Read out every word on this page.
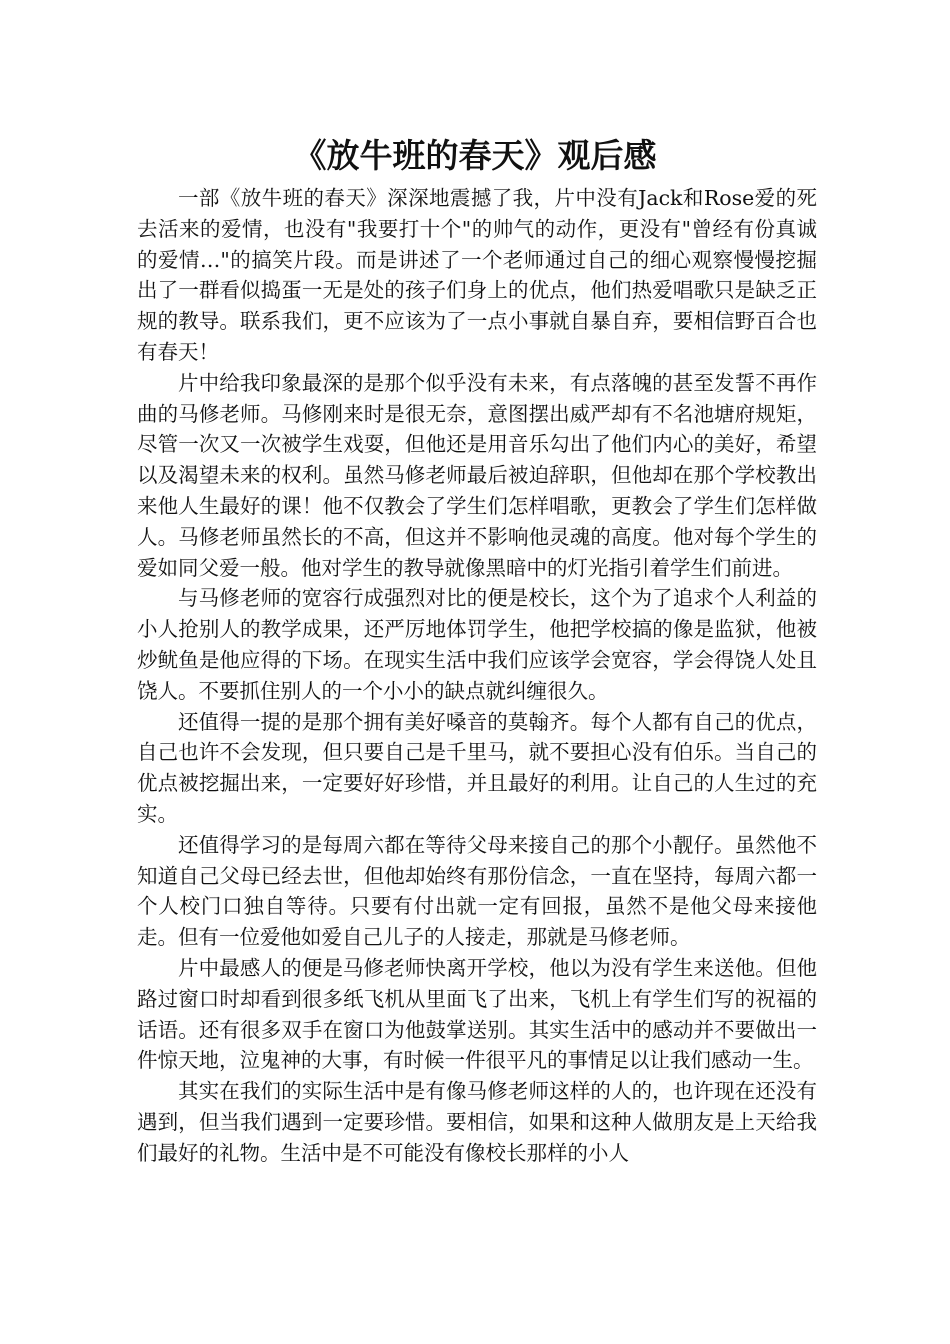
《放牛班的春天》观后感

一部《放牛班的春天》深深地震撼了我，片中没有Jack和Rose爱的死去活来的爱情，也没有"我要打十个"的帅气的动作，更没有"曾经有份真诚的爱情…"的搞笑片段。而是讲述了一个老师通过自己的细心观察慢慢挖掘出了一群看似捣蛋一无是处的孩子们身上的优点，他们热爱唱歌只是缺乏正规的教导。联系我们，更不应该为了一点小事就自暴自弃，要相信野百合也有春天！

片中给我印象最深的是那个似乎没有未来，有点落魄的甚至发誓不再作曲的马修老师。马修刚来时是很无奈，意图摆出威严却有不名池塘府规矩，尽管一次又一次被学生戏耍，但他还是用音乐勾出了他们内心的美好，希望以及渴望未来的权利。虽然马修老师最后被迫辞职，但他却在那个学校教出来他人生最好的课！他不仅教会了学生们怎样唱歌，更教会了学生们怎样做人。马修老师虽然长的不高，但这并不影响他灵魂的高度。他对每个学生的爱如同父爱一般。他对学生的教导就像黑暗中的灯光指引着学生们前进。

与马修老师的宽容行成强烈对比的便是校长，这个为了追求个人利益的小人抢别人的教学成果，还严厉地体罚学生，他把学校搞的像是监狱，他被炒鱿鱼是他应得的下场。在现实生活中我们应该学会宽容，学会得饶人处且饶人。不要抓住别人的一个小小的缺点就纠缠很久。

还值得一提的是那个拥有美好嗓音的莫翰齐。每个人都有自己的优点，自己也许不会发现，但只要自己是千里马，就不要担心没有伯乐。当自己的优点被挖掘出来，一定要好好珍惜，并且最好的利用。让自己的人生过的充实。

还值得学习的是每周六都在等待父母来接自己的那个小靓仔。虽然他不知道自己父母已经去世，但他却始终有那份信念，一直在坚持，每周六都一个人校门口独自等待。只要有付出就一定有回报，虽然不是他父母来接他走。但有一位爱他如爱自己儿子的人接走，那就是马修老师。

片中最感人的便是马修老师快离开学校，他以为没有学生来送他。但他路过窗口时却看到很多纸飞机从里面飞了出来，飞机上有学生们写的祝福的话语。还有很多双手在窗口为他鼓掌送别。其实生活中的感动并不要做出一件惊天地，泣鬼神的大事，有时候一件很平凡的事情足以让我们感动一生。

其实在我们的实际生活中是有像马修老师这样的人的，也许现在还没有遇到，但当我们遇到一定要珍惜。要相信，如果和这种人做朋友是上天给我们最好的礼物。生活中是不可能没有像校长那样的小人
